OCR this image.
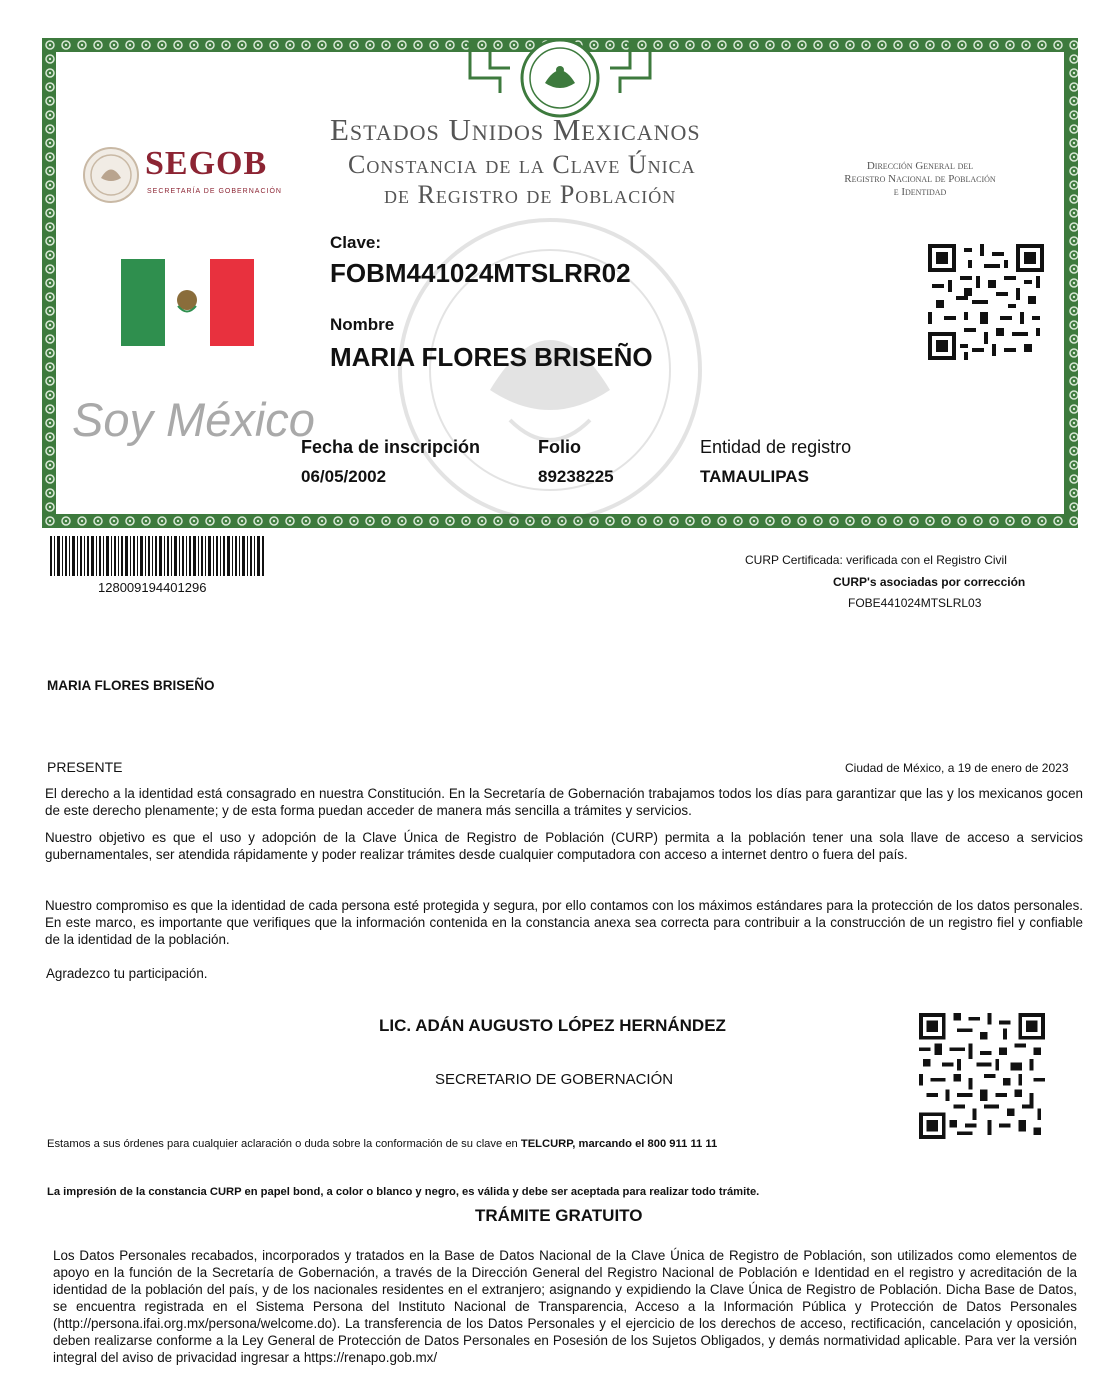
Estados Unidos Mexicanos
Constancia de la Clave Única
de Registro de Población
Dirección General del
Registro Nacional de Población
e Identidad
SEGOB
SECRETARÍA DE GOBERNACIÓN
Soy México
Clave:
FOBM441024MTSLRR02
Nombre
MARIA FLORES BRISEÑO
Fecha de inscripción
06/05/2002
Folio
89238225
Entidad de registro
TAMAULIPAS
128009194401296
CURP Certificada: verificada con el Registro Civil
CURP's asociadas por corrección
FOBE441024MTSLRL03
MARIA FLORES BRISEÑO
PRESENTE	Ciudad de México, a 19 de enero de 2023
El derecho a la identidad está consagrado en nuestra Constitución. En la Secretaría de Gobernación trabajamos todos los días para garantizar que las y los mexicanos gocen de este derecho plenamente; y de esta forma puedan acceder de manera más sencilla a trámites y servicios.
Nuestro objetivo es que el uso y adopción de la Clave Única de Registro de Población (CURP) permita a la población tener una sola llave de acceso a servicios gubernamentales, ser atendida rápidamente y poder realizar trámites desde cualquier computadora con acceso a internet dentro o fuera del país.
Nuestro compromiso es que la identidad de cada persona esté protegida y segura, por ello contamos con los máximos estándares para la protección de los datos personales. En este marco, es importante que verifiques que la información contenida en la constancia anexa sea correcta para contribuir a la construcción de un registro fiel y confiable de la identidad de la población.
Agradezco tu participación.
LIC. ADÁN AUGUSTO LÓPEZ HERNÁNDEZ
SECRETARIO DE GOBERNACIÓN
Estamos a sus órdenes para cualquier aclaración o duda sobre la conformación de su clave en TELCURP, marcando el 800 911 11 11
La impresión de la constancia CURP en papel bond, a color o blanco y negro, es válida y debe ser aceptada para realizar todo trámite.
TRÁMITE GRATUITO
Los Datos Personales recabados, incorporados y tratados en la Base de Datos Nacional de la Clave Única de Registro de Población, son utilizados como elementos de apoyo en la función de la Secretaría de Gobernación, a través de la Dirección General del Registro Nacional de Población e Identidad en el registro y acreditación de la identidad de la población del país, y de los nacionales residentes en el extranjero; asignando y expidiendo la Clave Única de Registro de Población. Dicha Base de Datos, se encuentra registrada en el Sistema Persona del Instituto Nacional de Transparencia, Acceso a la Información Pública y Protección de Datos Personales (http://persona.ifai.org.mx/persona/welcome.do). La transferencia de los Datos Personales y el ejercicio de los derechos de acceso, rectificación, cancelación y oposición, deben realizarse conforme a la Ley General de Protección de Datos Personales en Posesión de los Sujetos Obligados, y demás normatividad aplicable. Para ver la versión integral del aviso de privacidad ingresar a https://renapo.gob.mx/
